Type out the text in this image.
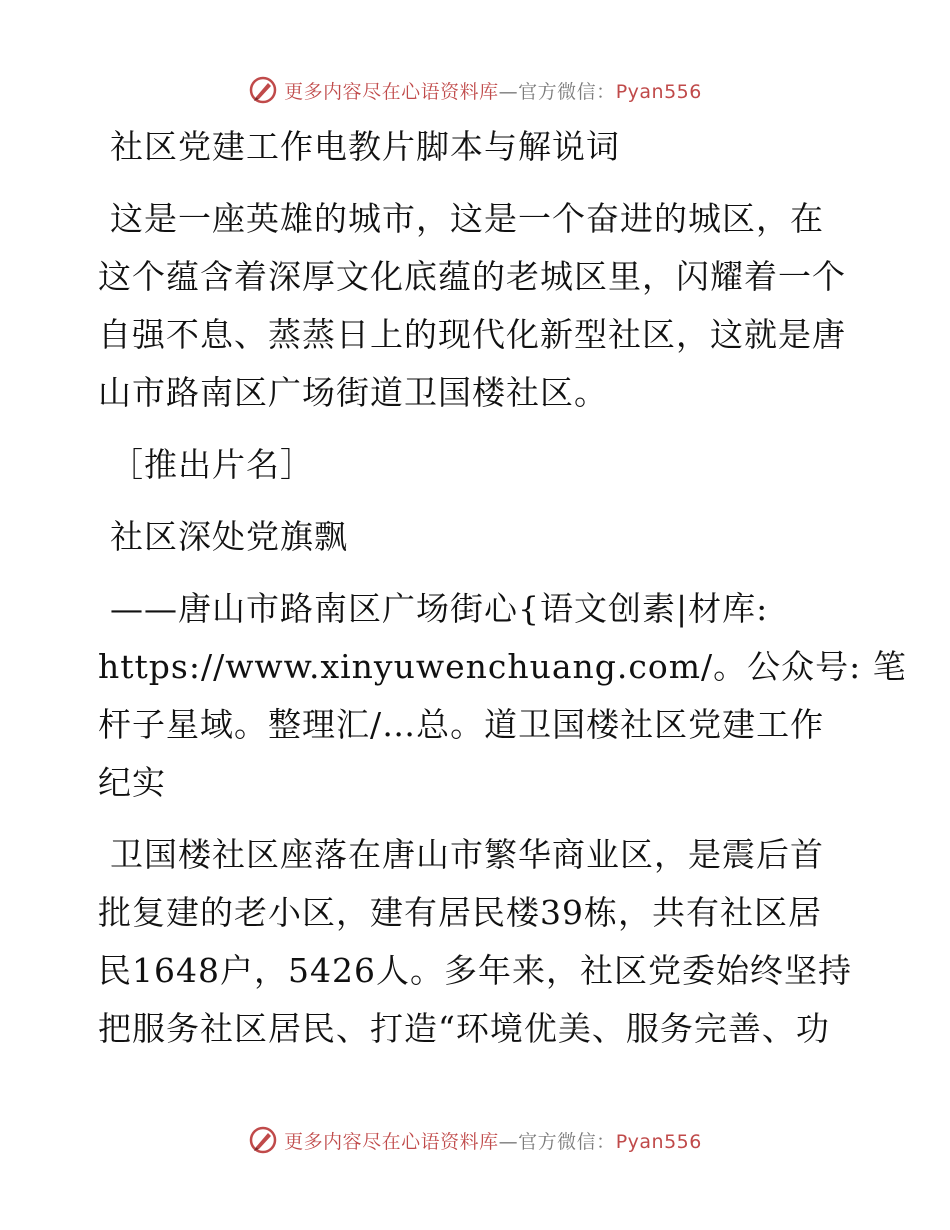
更多内容尽在心语资料库—官方微信：Pyan556
社区党建工作电教片脚本与解说词
这是一座英雄的城市，这是一个奋进的城区，在
这个蕴含着深厚文化底蕴的老城区里，闪耀着一个
自强不息、蒸蒸日上的现代化新型社区，这就是唐
山市路南区广场街道卫国楼社区。
［推出片名］
社区深处党旗飘
——唐山市路南区广场街心{语文创素|材库:
https://www.xinyuwenchuang.com/。公众号: 笔
杆子星域。整理汇/…总。道卫国楼社区党建工作
纪实
卫国楼社区座落在唐山市繁华商业区，是震后首
批复建的老小区，建有居民楼39栋，共有社区居
民1648户，5426人。多年来，社区党委始终坚持
把服务社区居民、打造“环境优美、服务完善、功
更多内容尽在心语资料库—官方微信：Pyan556
